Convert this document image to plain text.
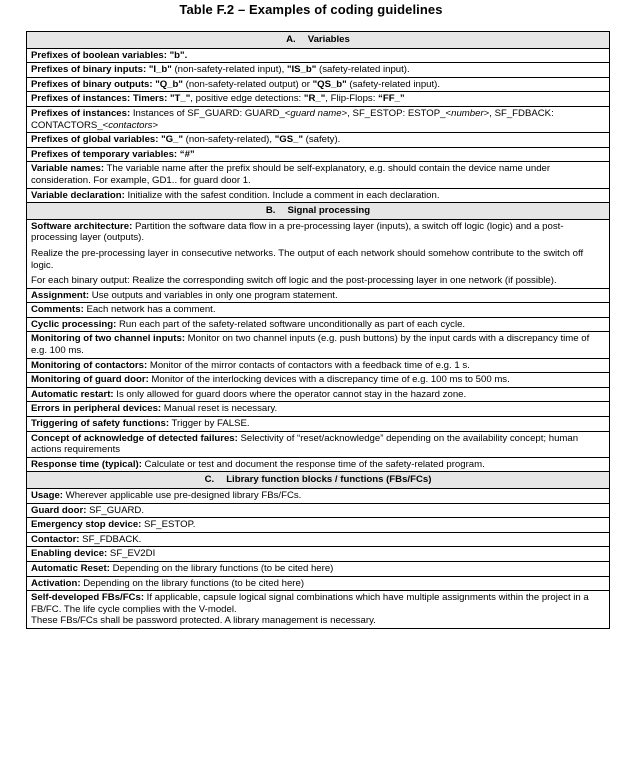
Table F.2 – Examples of coding guidelines
A. Variables
Prefixes of boolean variables: "b".
Prefixes of binary inputs: "I_b" (non-safety-related input), "IS_b" (safety-related input).
Prefixes of binary outputs: "Q_b" (non-safety-related output) or "QS_b" (safety-related input).
Prefixes of instances: Timers: "T_", positive edge detections: "R_", Flip-Flops: “FF_”
Prefixes of instances: Instances of SF_GUARD: GUARD_<guard name>, SF_ESTOP: ESTOP_<number>, SF_FDBACK: CONTACTORS_<contactors>
Prefixes of global variables: "G_" (non-safety-related), "GS_" (safety).
Prefixes of temporary variables: “#”
Variable names: The variable name after the prefix should be self-explanatory, e.g. should contain the device name under consideration. For example, GD1.. for guard door 1.
Variable declaration: Initialize with the safest condition. Include a comment in each declaration.
B. Signal processing

Software architecture: Partition the software data flow in a pre-processing layer (inputs), a switch off logic (logic) and a post-processing layer (outputs).

Realize the pre-processing layer in consecutive networks. The output of each network should somehow contribute to the switch off logic.

For each binary output: Realize the corresponding switch off logic and the post-processing layer in one network (if possible).

Assignment: Use outputs and variables in only one program statement.
Comments: Each network has a comment.
Cyclic processing: Run each part of the safety-related software unconditionally as part of each cycle.
Monitoring of two channel inputs: Monitor on two channel inputs (e.g. push buttons) by the input cards with a discrepancy time of e.g. 100 ms.
Monitoring of contactors: Monitor of the mirror contacts of contactors with a feedback time of e.g. 1 s.
Monitoring of guard door: Monitor of the interlocking devices with a discrepancy time of e.g. 100 ms to 500 ms.
Automatic restart: Is only allowed for guard doors where the operator cannot stay in the hazard zone.
Errors in peripheral devices: Manual reset is necessary.
Triggering of safety functions: Trigger by FALSE.
Concept of acknowledge of detected failures: Selectivity of “reset/acknowledge” depending on the availability concept; human actions requirements
Response time (typical): Calculate or test and document the response time of the safety-related program.
C. Library function blocks / functions (FBs/FCs)
Usage: Wherever applicable use pre-designed library FBs/FCs.
Guard door: SF_GUARD.
Emergency stop device: SF_ESTOP.
Contactor: SF_FDBACK.
Enabling device: SF_EV2DI
Automatic Reset: Depending on the library functions (to be cited here)
Activation: Depending on the library functions (to be cited here)
Self-developed FBs/FCs: If applicable, capsule logical signal combinations which have multiple assignments within the project in a FB/FC. The life cycle complies with the V-model.
These FBs/FCs shall be password protected. A library management is necessary.
